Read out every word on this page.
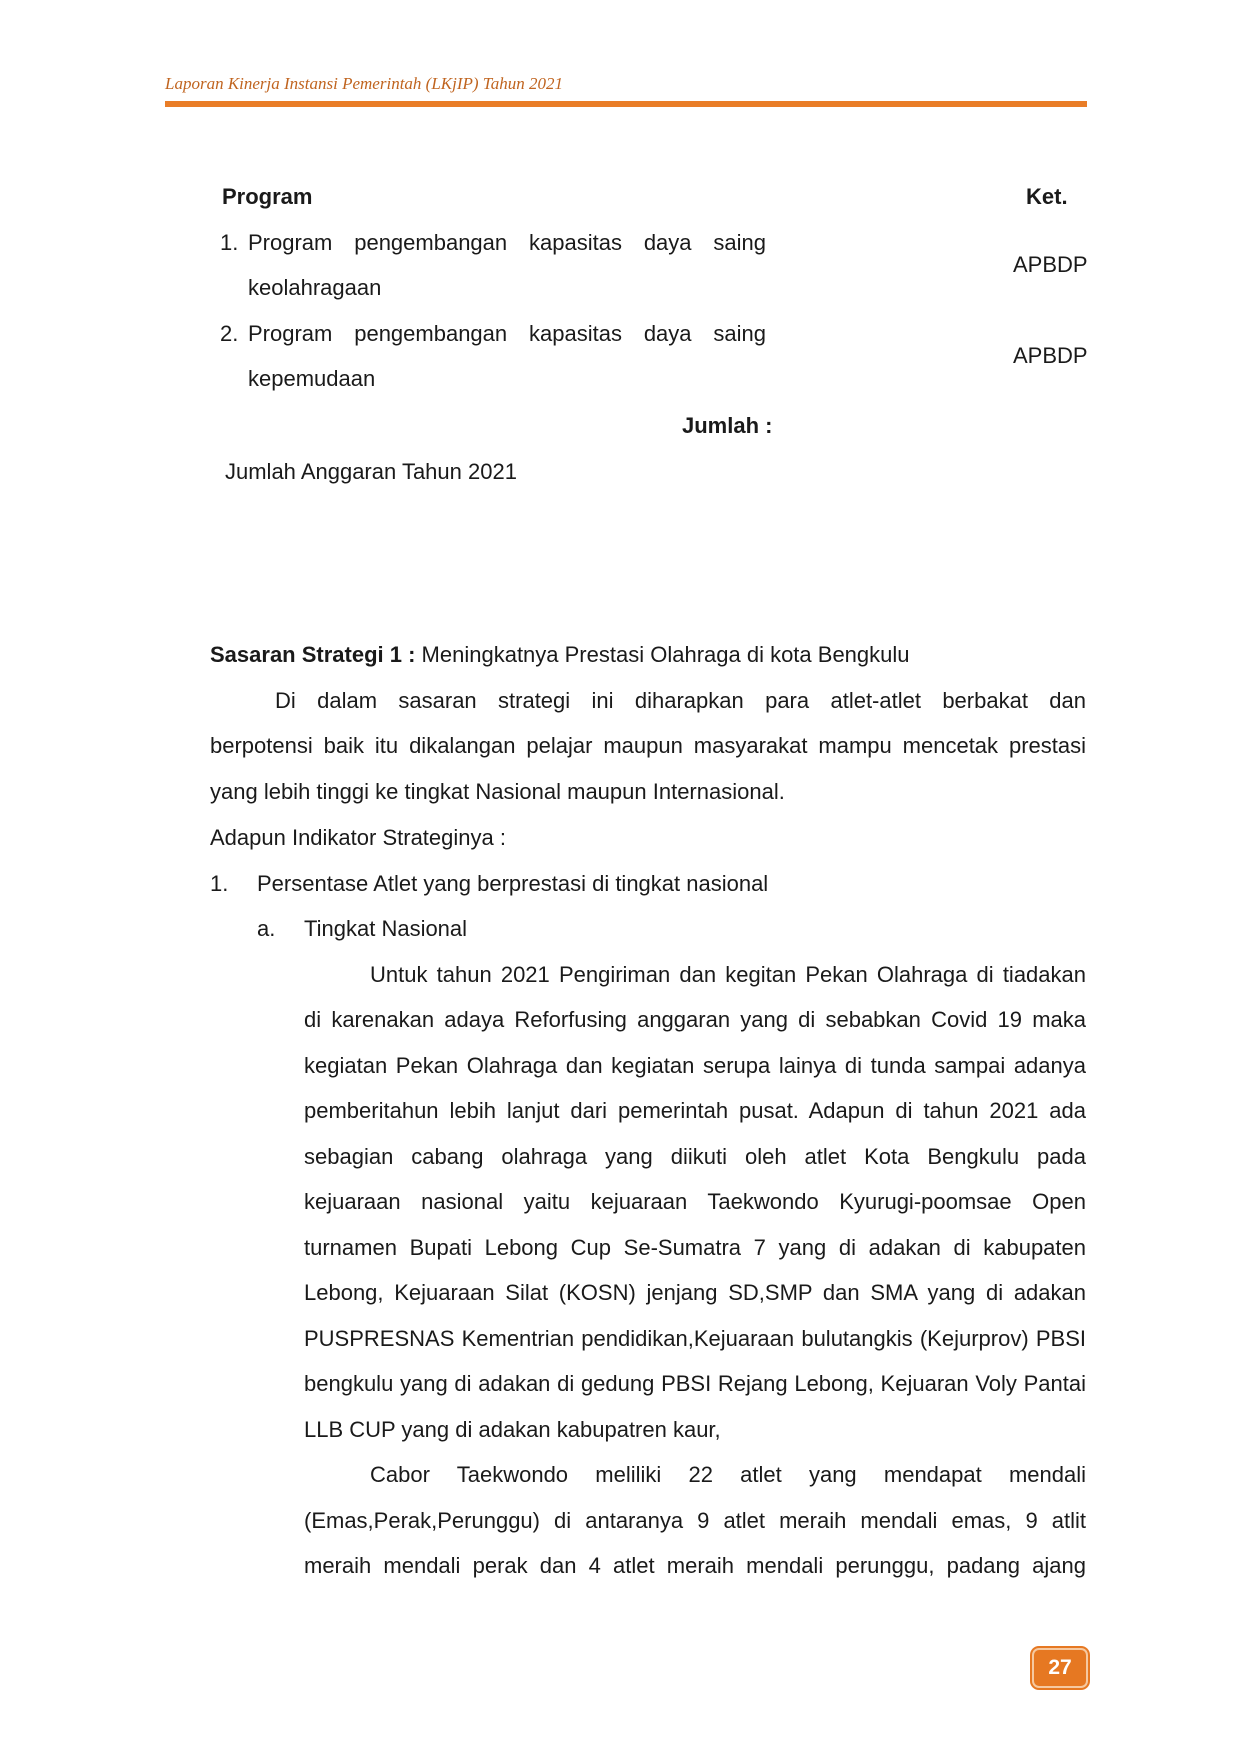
Laporan Kinerja Instansi Pemerintah (LKjIP) Tahun 2021
Program	Ket.
1. Program pengembangan kapasitas daya saing
keolahragaan
APBDP
2. Program pengembangan kapasitas daya saing
kepemudaan
APBDP
Jumlah :
Jumlah Anggaran Tahun 2021
Sasaran Strategi 1 : Meningkatnya Prestasi Olahraga di kota Bengkulu
Di dalam sasaran strategi ini diharapkan para atlet-atlet berbakat dan
berpotensi baik itu dikalangan pelajar maupun masyarakat mampu mencetak prestasi
yang lebih tinggi ke tingkat Nasional maupun Internasional.
Adapun Indikator Strateginya :
1. Persentase Atlet yang berprestasi di tingkat nasional
a. Tingkat Nasional
Untuk tahun 2021 Pengiriman dan kegitan Pekan Olahraga di tiadakan
di karenakan adaya Reforfusing anggaran yang di sebabkan Covid 19 maka
kegiatan Pekan Olahraga dan kegiatan serupa lainya di tunda sampai adanya
pemberitahun lebih lanjut dari pemerintah pusat. Adapun di tahun 2021 ada
sebagian cabang olahraga yang diikuti oleh atlet Kota Bengkulu pada
kejuaraan nasional yaitu kejuaraan Taekwondo Kyurugi-poomsae Open
turnamen Bupati Lebong Cup Se-Sumatra 7 yang di adakan di kabupaten
Lebong, Kejuaraan Silat (KOSN) jenjang SD,SMP dan SMA yang di adakan
PUSPRESNAS Kementrian pendidikan,Kejuaraan bulutangkis (Kejurprov) PBSI
bengkulu yang di adakan di gedung PBSI Rejang Lebong, Kejuaran Voly Pantai
LLB CUP yang di adakan kabupatren kaur,
Cabor Taekwondo meliliki 22 atlet yang mendapat mendali
(Emas,Perak,Perunggu) di antaranya 9 atlet meraih mendali emas, 9 atlit
meraih mendali perak dan 4 atlet meraih mendali perunggu, padang ajang
27
